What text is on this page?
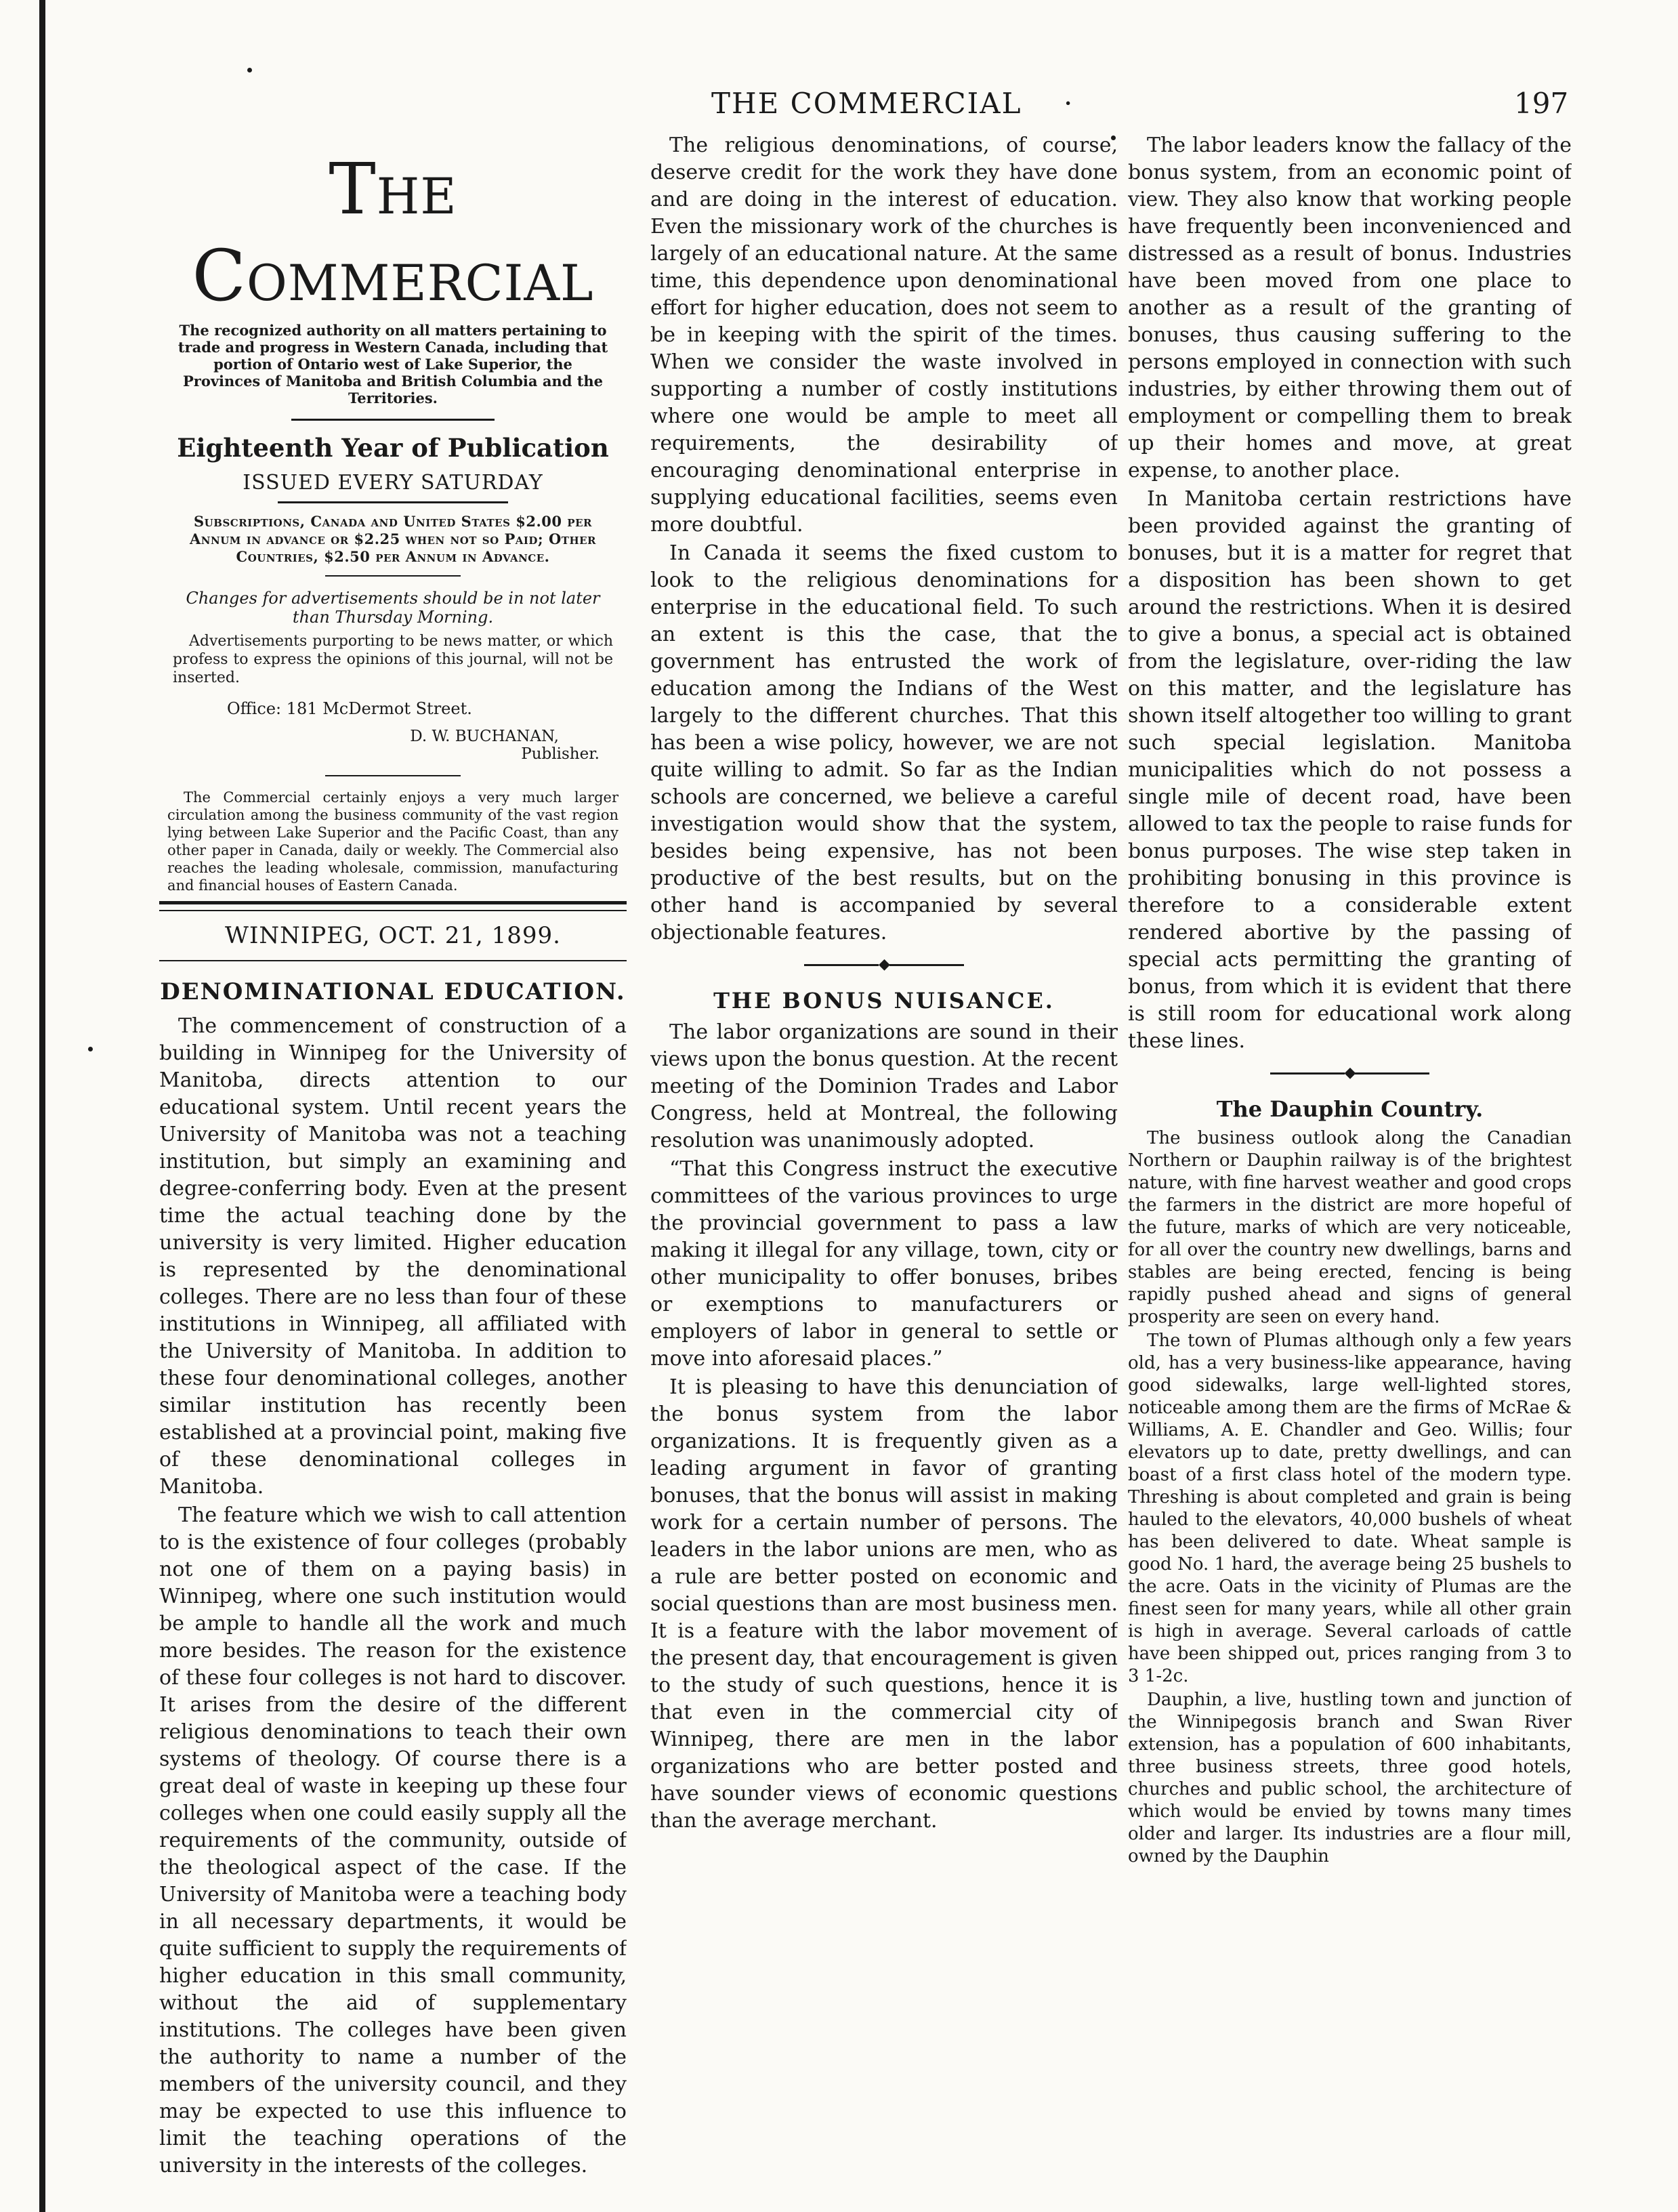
THE COMMERCIAL ·	197
The Commercial
The recognized authority on all matters pertaining to trade and progress in Western Canada, including that portion of Ontario west of Lake Superior, the Provinces of Manitoba and British Columbia and the Territories.
Eighteenth Year of Publication
ISSUED EVERY SATURDAY
Subscriptions, Canada and United States $2.00 per Annum in advance or $2.25 when not so Paid; Other Countries, $2.50 per Annum in Advance.
Changes for advertisements should be in not later than Thursday Morning.
Advertisements purporting to be news matter, or which profess to express the opinions of this journal, will not be inserted.
Office: 181 McDermot Street.
D. W. BUCHANAN,
Publisher.
The Commercial certainly enjoys a very much larger circulation among the business community of the vast region lying between Lake Superior and the Pacific Coast, than any other paper in Canada, daily or weekly. The Commercial also reaches the leading wholesale, commission, manufacturing and financial houses of Eastern Canada.
WINNIPEG, OCT. 21, 1899.
DENOMINATIONAL EDUCATION.

The commencement of construction of a building in Winnipeg for the University of Manitoba, directs attention to our educational system. Until recent years the University of Manitoba was not a teaching institution, but simply an examining and degree-conferring body. Even at the present time the actual teaching done by the university is very limited. Higher education is represented by the denominational colleges. There are no less than four of these institutions in Winnipeg, all affiliated with the University of Manitoba. In addition to these four denominational colleges, another similar institution has recently been established at a provincial point, making five of these denominational colleges in Manitoba.

The feature which we wish to call attention to is the existence of four colleges (probably not one of them on a paying basis) in Winnipeg, where one such institution would be ample to handle all the work and much more besides. The reason for the existence of these four colleges is not hard to discover. It arises from the desire of the different religious denominations to teach their own systems of theology. Of course there is a great deal of waste in keeping up these four colleges when one could easily supply all the requirements of the community, outside of the theological aspect of the case. If the University of Manitoba were a teaching body in all necessary departments, it would be quite sufficient to supply the requirements of higher education in this small community, without the aid of supplementary institutions. The colleges have been given the authority to name a number of the members of the university council, and they may be expected to use this influence to limit the teaching operations of the university in the interests of the colleges.

The religious denominations, of course, deserve credit for the work they have done and are doing in the interest of education. Even the missionary work of the churches is largely of an educational nature. At the same time, this dependence upon denominational effort for higher education, does not seem to be in keeping with the spirit of the times. When we consider the waste involved in supporting a number of costly institutions where one would be ample to meet all requirements, the desirability of encouraging denominational enterprise in supplying educational facilities, seems even more doubtful.

In Canada it seems the fixed custom to look to the religious denominations for enterprise in the educational field. To such an extent is this the case, that the government has entrusted the work of education among the Indians of the West largely to the different churches. That this has been a wise policy, however, we are not quite willing to admit. So far as the Indian schools are concerned, we believe a careful investigation would show that the system, besides being expensive, has not been productive of the best results, but on the other hand is accompanied by several objectionable features.

◆
THE BONUS NUISANCE.

The labor organizations are sound in their views upon the bonus question. At the recent meeting of the Dominion Trades and Labor Congress, held at Montreal, the following resolution was unanimously adopted.

“That this Congress instruct the executive committees of the various provinces to urge the provincial government to pass a law making it illegal for any village, town, city or other municipality to offer bonuses, bribes or exemptions to manufacturers or employers of labor in general to settle or move into aforesaid places.”

It is pleasing to have this denunciation of the bonus system from the labor organizations. It is frequently given as a leading argument in favor of granting bonuses, that the bonus will assist in making work for a certain number of persons. The leaders in the labor unions are men, who as a rule are better posted on economic and social questions than are most business men. It is a feature with the labor movement of the present day, that encouragement is given to the study of such questions, hence it is that even in the commercial city of Winnipeg, there are men in the labor organizations who are better posted and have sounder views of economic questions than the average merchant.

The labor leaders know the fallacy of the bonus system, from an economic point of view. They also know that working people have frequently been inconvenienced and distressed as a result of bonus. Industries have been moved from one place to another as a result of the granting of bonuses, thus causing suffering to the persons employed in connection with such industries, by either throwing them out of employment or compelling them to break up their homes and move, at great expense, to another place.

In Manitoba certain restrictions have been provided against the granting of bonuses, but it is a matter for regret that a disposition has been shown to get around the restrictions. When it is desired to give a bonus, a special act is obtained from the legislature, over-riding the law on this matter, and the legislature has shown itself altogether too willing to grant such special legislation. Manitoba municipalities which do not possess a single mile of decent road, have been allowed to tax the people to raise funds for bonus purposes. The wise step taken in prohibiting bonusing in this province is therefore to a considerable extent rendered abortive by the passing of special acts permitting the granting of bonus, from which it is evident that there is still room for educational work along these lines.

◆
The Dauphin Country.

The business outlook along the Canadian Northern or Dauphin railway is of the brightest nature, with fine harvest weather and good crops the farmers in the district are more hopeful of the future, marks of which are very noticeable, for all over the country new dwellings, barns and stables are being erected, fencing is being rapidly pushed ahead and signs of general prosperity are seen on every hand.

The town of Plumas although only a few years old, has a very business-like appearance, having good sidewalks, large well-lighted stores, noticeable among them are the firms of McRae & Williams, A. E. Chandler and Geo. Willis; four elevators up to date, pretty dwellings, and can boast of a first class hotel of the modern type. Threshing is about completed and grain is being hauled to the elevators, 40,000 bushels of wheat has been delivered to date. Wheat sample is good No. 1 hard, the average being 25 bushels to the acre. Oats in the vicinity of Plumas are the finest seen for many years, while all other grain is high in average. Several carloads of cattle have been shipped out, prices ranging from 3 to 3 1-2c.

Dauphin, a live, hustling town and junction of the Winnipegosis branch and Swan River extension, has a population of 600 inhabitants, three business streets, three good hotels, churches and public school, the architecture of which would be envied by towns many times older and larger. Its industries are a flour mill, owned by the Dauphin
